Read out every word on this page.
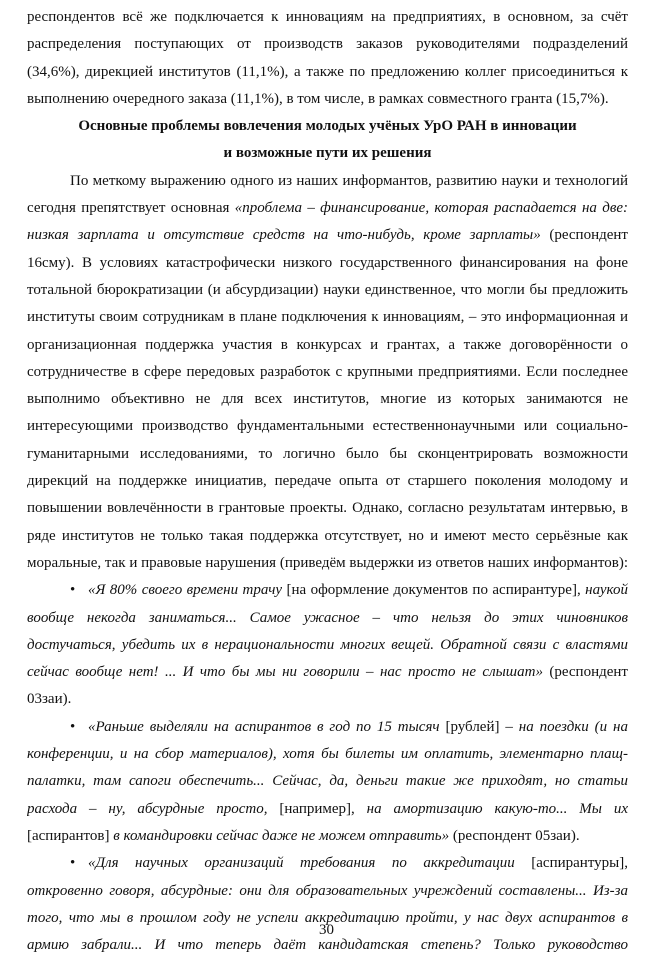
респондентов всё же подключается к инновациям на предприятиях, в основном, за счёт
распределения поступающих от производств заказов руководителями подразделений
(34,6%), дирекцией институтов (11,1%), а также по предложению коллег присоединиться к
выполнению очередного заказа (11,1%), в том числе, в рамках совместного гранта (15,7%).
Основные проблемы вовлечения молодых учёных УрО РАН в инновации
и возможные пути их решения
По меткому выражению одного из наших информантов, развитию науки и технологий
сегодня препятствует основная «проблема – финансирование, которая распадается на две:
низкая зарплата и отсутствие средств на что-нибудь, кроме зарплаты» (респондент
16сму). В условиях катастрофически низкого государственного финансирования на фоне
тотальной бюрократизации (и абсурдизации) науки единственное, что могли бы предложить
институты своим сотрудникам в плане подключения к инновациям, – это информационная и
организационная поддержка участия в конкурсах и грантах, а также договорённости о
сотрудничестве в сфере передовых разработок с крупными предприятиями. Если последнее
выполнимо объективно не для всех институтов, многие из которых занимаются не
интересующими производство фундаментальными естественнонаучными или социально-
гуманитарными исследованиями, то логично было бы сконцентрировать возможности
дирекций на поддержке инициатив, передаче опыта от старшего поколения молодому и
повышении вовлечённости в грантовые проекты. Однако, согласно результатам интервью, в
ряде институтов не только такая поддержка отсутствует, но и имеют место серьёзные как
моральные, так и правовые нарушения (приведём выдержки из ответов наших информантов):
• «Я 80% своего времени трачу [на оформление документов по аспирантуре], наукой
вообще некогда заниматься... Самое ужасное – что нельзя до этих чиновников
достучаться, убедить их в нерациональности многих вещей. Обратной связи с властями
сейчас вообще нет! ... И что бы мы ни говорили – нас просто не слышат» (респондент
03заи).
• «Раньше выделяли на аспирантов в год по 15 тысяч [рублей] – на поездки (и на
конференции, и на сбор материалов), хотя бы билеты им оплатить, элементарно плащ-
палатки, там сапоги обеспечить... Сейчас, да, деньги такие же приходят, но статьи
расхода – ну, абсурдные просто, [например], на амортизацию какую-то... Мы их
[аспирантов] в командировки сейчас даже не можем отправить» (респондент 05заи).
• «Для научных организаций требования по аккредитации [аспирантуры],
откровенно говоря, абсурдные: они для образовательных учреждений составлены... Из-за
того, что мы в прошлом году не успели аккредитацию пройти, у нас двух аспирантов в
армию забрали... И что теперь даёт кандидатская степень? Только руководство
30
